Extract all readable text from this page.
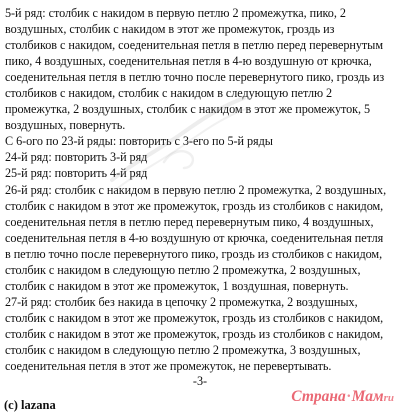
5-й ряд: столбик с накидом в первую петлю 2 промежутка, пико, 2
воздушных, столбик с накидом в этот же промежуток, гроздь из
столбиков с накидом, соеденительная петля в петлю перед перевернутым
пико, 4 воздушных, соеденительная петля в 4-ю воздушную от крючка,
соеденительная петля в петлю точно после перевернутого пико, гроздь из
столбиков с накидом, столбик с накидом в следующую петлю 2
промежутка, 2 воздушных, столбик с накидом в этот же промежуток, 5
воздушных, повернуть.
С 6-ого по 23-й ряды: повторить с 3-его по 5-й ряды
24-й ряд: повторить 3-й ряд
25-й ряд: повторить 4-й ряд
26-й ряд: столбик с накидом в первую петлю 2 промежутка, 2 воздушных,
столбик с накидом в этот же промежуток, гроздь из столбиков с накидом,
соеденительная петля в петлю перед перевернутым пико, 4 воздушных,
соеденительная петля в 4-ю воздушную от крючка, соеденительная петля
в петлю точно после перевернутого пико, гроздь из столбиков с накидом,
столбик с накидом в следующую петлю 2 промежутка, 2 воздушных,
столбик с накидом в этот же промежуток, 1 воздушная, повернуть.
27-й ряд: столбик без накида в цепочку 2 промежутка, 2 воздушных,
столбик с накидом в этот же промежуток, гроздь из столбиков с накидом,
столбик с накидом в этот же промежуток, гроздь из столбиков с накидом,
столбик с накидом в следующую петлю 2 промежутка, 3 воздушных,
соеденительная петля в этот же промежуток, не перевертывать.
-3-
(c) lazana	Страна·Мамru
